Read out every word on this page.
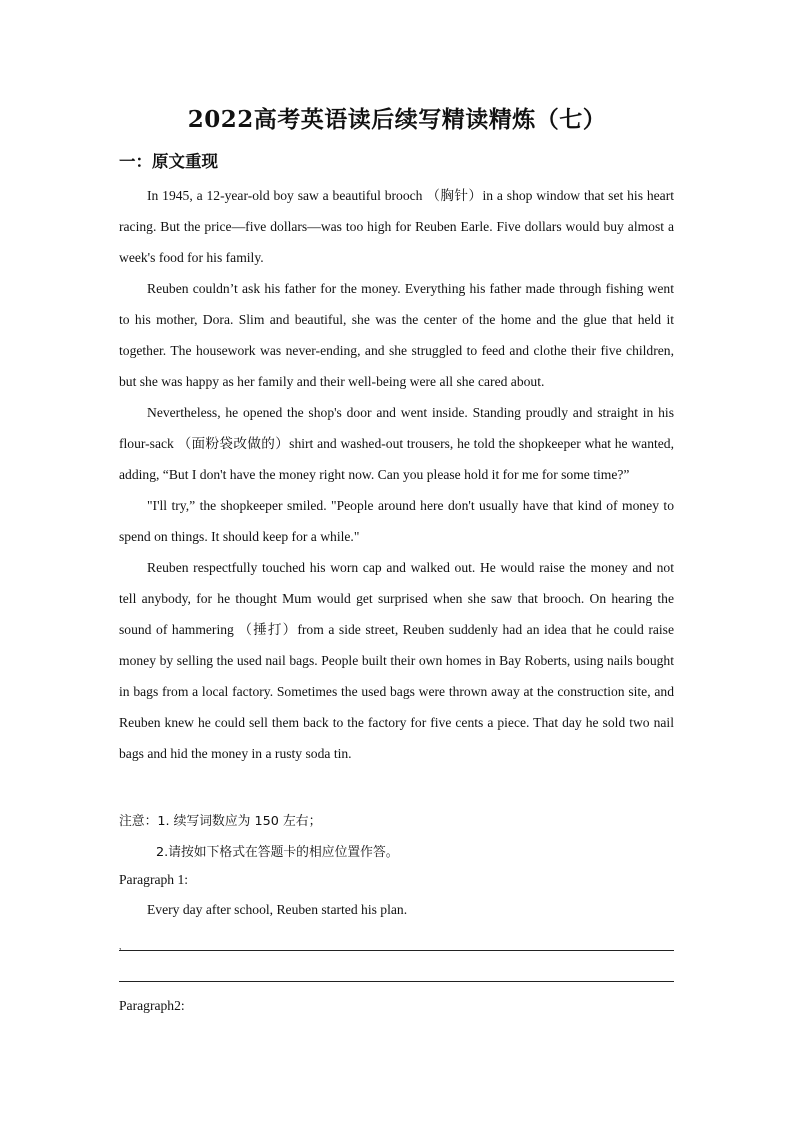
2022高考英语读后续写精读精炼（七）
一：原文重现

In 1945, a 12-year-old boy saw a beautiful brooch （胸针）in a shop window that set his heart racing. But the price—five dollars—was too high for Reuben Earle. Five dollars would buy almost a week's food for his family.

Reuben couldn’t ask his father for the money. Everything his father made through fishing went to his mother, Dora. Slim and beautiful, she was the center of the home and the glue that held it together. The housework was never-ending, and she struggled to feed and clothe their five children, but she was happy as her family and their well-being were all she cared about.

Nevertheless, he opened the shop's door and went inside. Standing proudly and straight in his flour-sack （面粉袋改做的）shirt and washed-out trousers, he told the shopkeeper what he wanted, adding, “But I don't have the money right now. Can you please hold it for me for some time?”

"I'll try,” the shopkeeper smiled. "People around here don't usually have that kind of money to spend on things. It should keep for a while."

Reuben respectfully touched his worn cap and walked out. He would raise the money and not tell anybody, for he thought Mum would get surprised when she saw that brooch. On hearing the sound of hammering （捶打）from a side street, Reuben suddenly had an idea that he could raise money by selling the used nail bags. People built their own homes in Bay Roberts, using nails bought in bags from a local factory. Sometimes the used bags were thrown away at the construction site, and Reuben knew he could sell them back to the factory for five cents a piece. That day he sold two nail bags and hid the money in a rusty soda tin.

注意：1. 续写词数应为 150 左右；

2.请按如下格式在答题卡的相应位置作答。

Paragraph 1:
Every day after school, Reuben started his plan.
,
Paragraph2:
